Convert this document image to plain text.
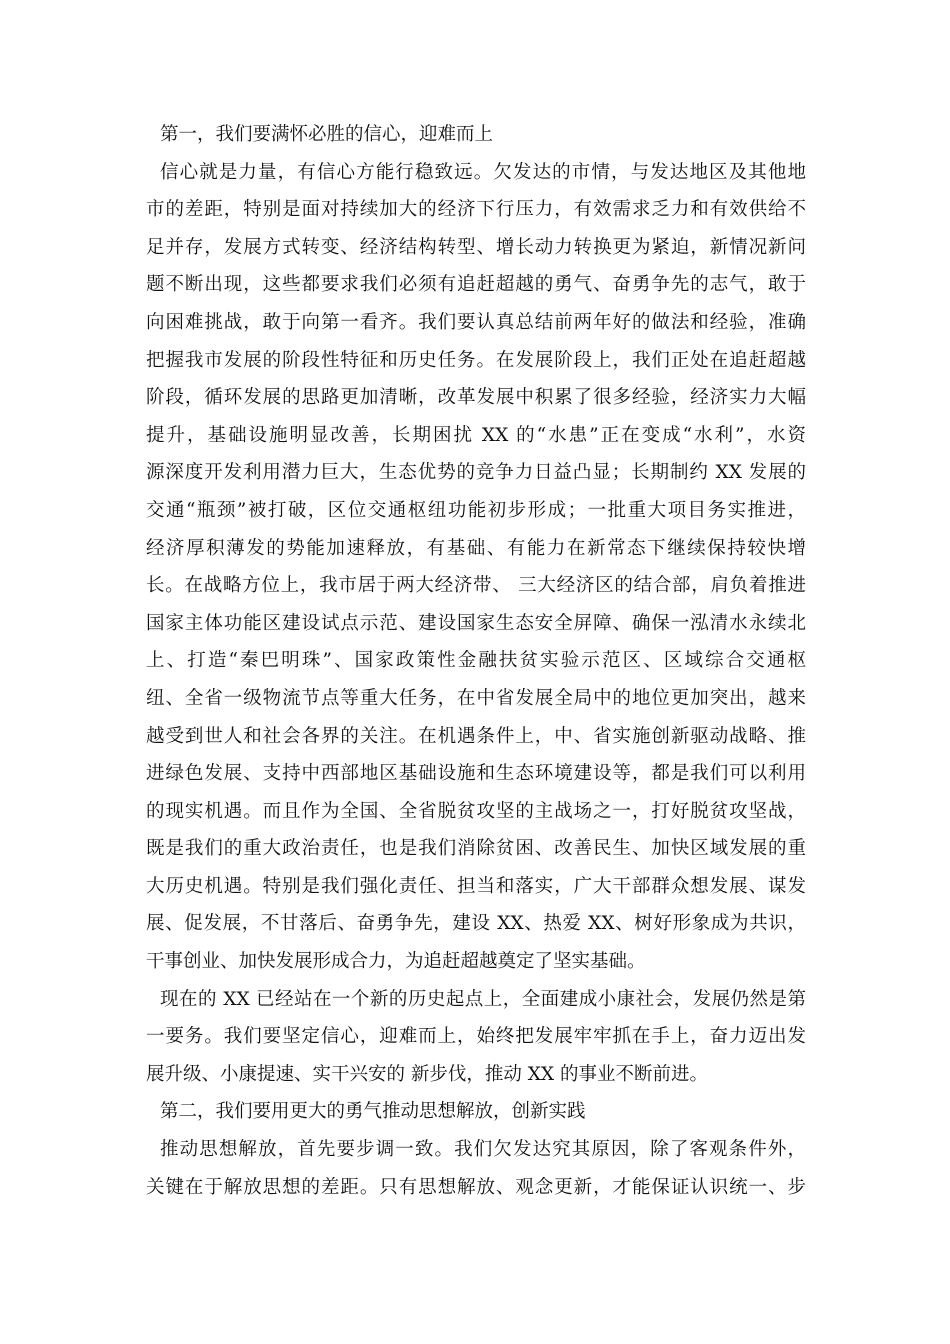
第一，我们要满怀必胜的信心，迎难而上
信心就是力量，有信心方能行稳致远。欠发达的市情，与发达地区及其他地
市的差距，特别是面对持续加大的经济下行压力，有效需求乏力和有效供给不
足并存，发展方式转变、经济结构转型、增长动力转换更为紧迫，新情况新问
题不断出现，这些都要求我们必须有追赶超越的勇气、奋勇争先的志气，敢于
向困难挑战，敢于向第一看齐。我们要认真总结前两年好的做法和经验，准确
把握我市发展的阶段性特征和历史任务。在发展阶段上，我们正处在追赶超越
阶段，循环发展的思路更加清晰，改革发展中积累了很多经验，经济实力大幅
提升，基础设施明显改善，长期困扰 XX 的“水患”正在变成“水利”，水资
源深度开发利用潜力巨大，生态优势的竞争力日益凸显；长期制约 XX 发展的
交通“瓶颈”被打破，区位交通枢纽功能初步形成；一批重大项目务实推进，
经济厚积薄发的势能加速释放，有基础、有能力在新常态下继续保持较快增
长。在战略方位上，我市居于两大经济带、 三大经济区的结合部，肩负着推进
国家主体功能区建设试点示范、建设国家生态安全屏障、确保一泓清水永续北
上、打造“秦巴明珠”、国家政策性金融扶贫实验示范区、区域综合交通枢
纽、全省一级物流节点等重大任务，在中省发展全局中的地位更加突出，越来
越受到世人和社会各界的关注。在机遇条件上，中、省实施创新驱动战略、推
进绿色发展、支持中西部地区基础设施和生态环境建设等，都是我们可以利用
的现实机遇。而且作为全国、全省脱贫攻坚的主战场之一，打好脱贫攻坚战，
既是我们的重大政治责任，也是我们消除贫困、改善民生、加快区域发展的重
大历史机遇。特别是我们强化责任、担当和落实，广大干部群众想发展、谋发
展、促发展，不甘落后、奋勇争先，建设 XX、热爱 XX、树好形象成为共识，
干事创业、加快发展形成合力，为追赶超越奠定了坚实基础。
现在的 XX 已经站在一个新的历史起点上，全面建成小康社会，发展仍然是第
一要务。我们要坚定信心，迎难而上，始终把发展牢牢抓在手上，奋力迈出发
展升级、小康提速、实干兴安的 新步伐，推动 XX 的事业不断前进。
第二，我们要用更大的勇气推动思想解放，创新实践
推动思想解放，首先要步调一致。我们欠发达究其原因，除了客观条件外，
关键在于解放思想的差距。只有思想解放、观念更新，才能保证认识统一、步
